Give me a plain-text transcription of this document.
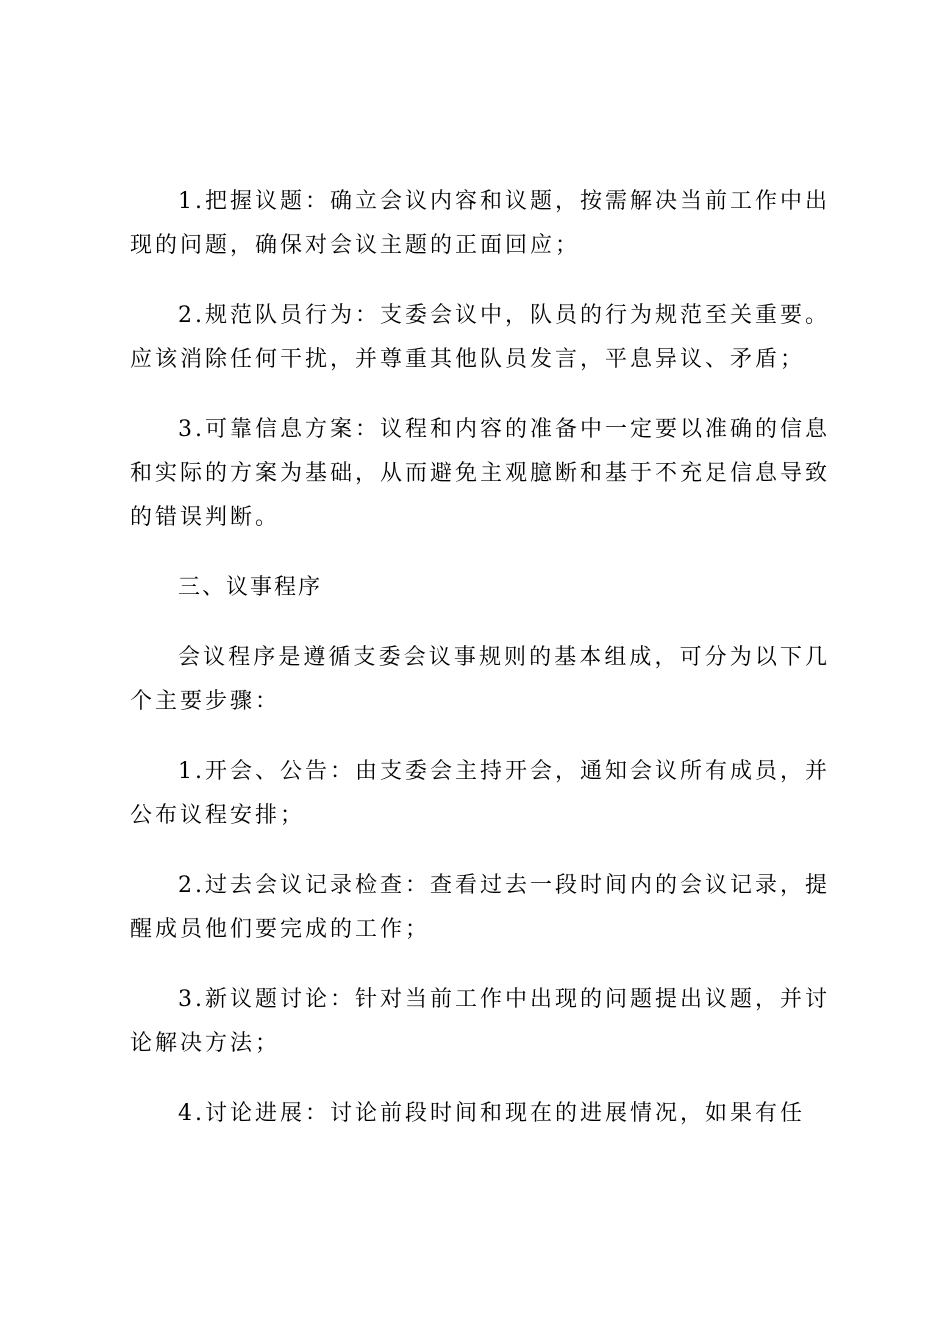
1.把握议题：确立会议内容和议题，按需解决当前工作中出现的问题，确保对会议主题的正面回应；

2.规范队员行为：支委会议中，队员的行为规范至关重要。应该消除任何干扰，并尊重其他队员发言，平息异议、矛盾；

3.可靠信息方案：议程和内容的准备中一定要以准确的信息和实际的方案为基础，从而避免主观臆断和基于不充足信息导致的错误判断。

三、议事程序

会议程序是遵循支委会议事规则的基本组成，可分为以下几个主要步骤：

1.开会、公告：由支委会主持开会，通知会议所有成员，并公布议程安排；

2.过去会议记录检查：查看过去一段时间内的会议记录，提醒成员他们要完成的工作；

3.新议题讨论：针对当前工作中出现的问题提出议题，并讨论解决方法；

4.讨论进展：讨论前段时间和现在的进展情况，如果有任
